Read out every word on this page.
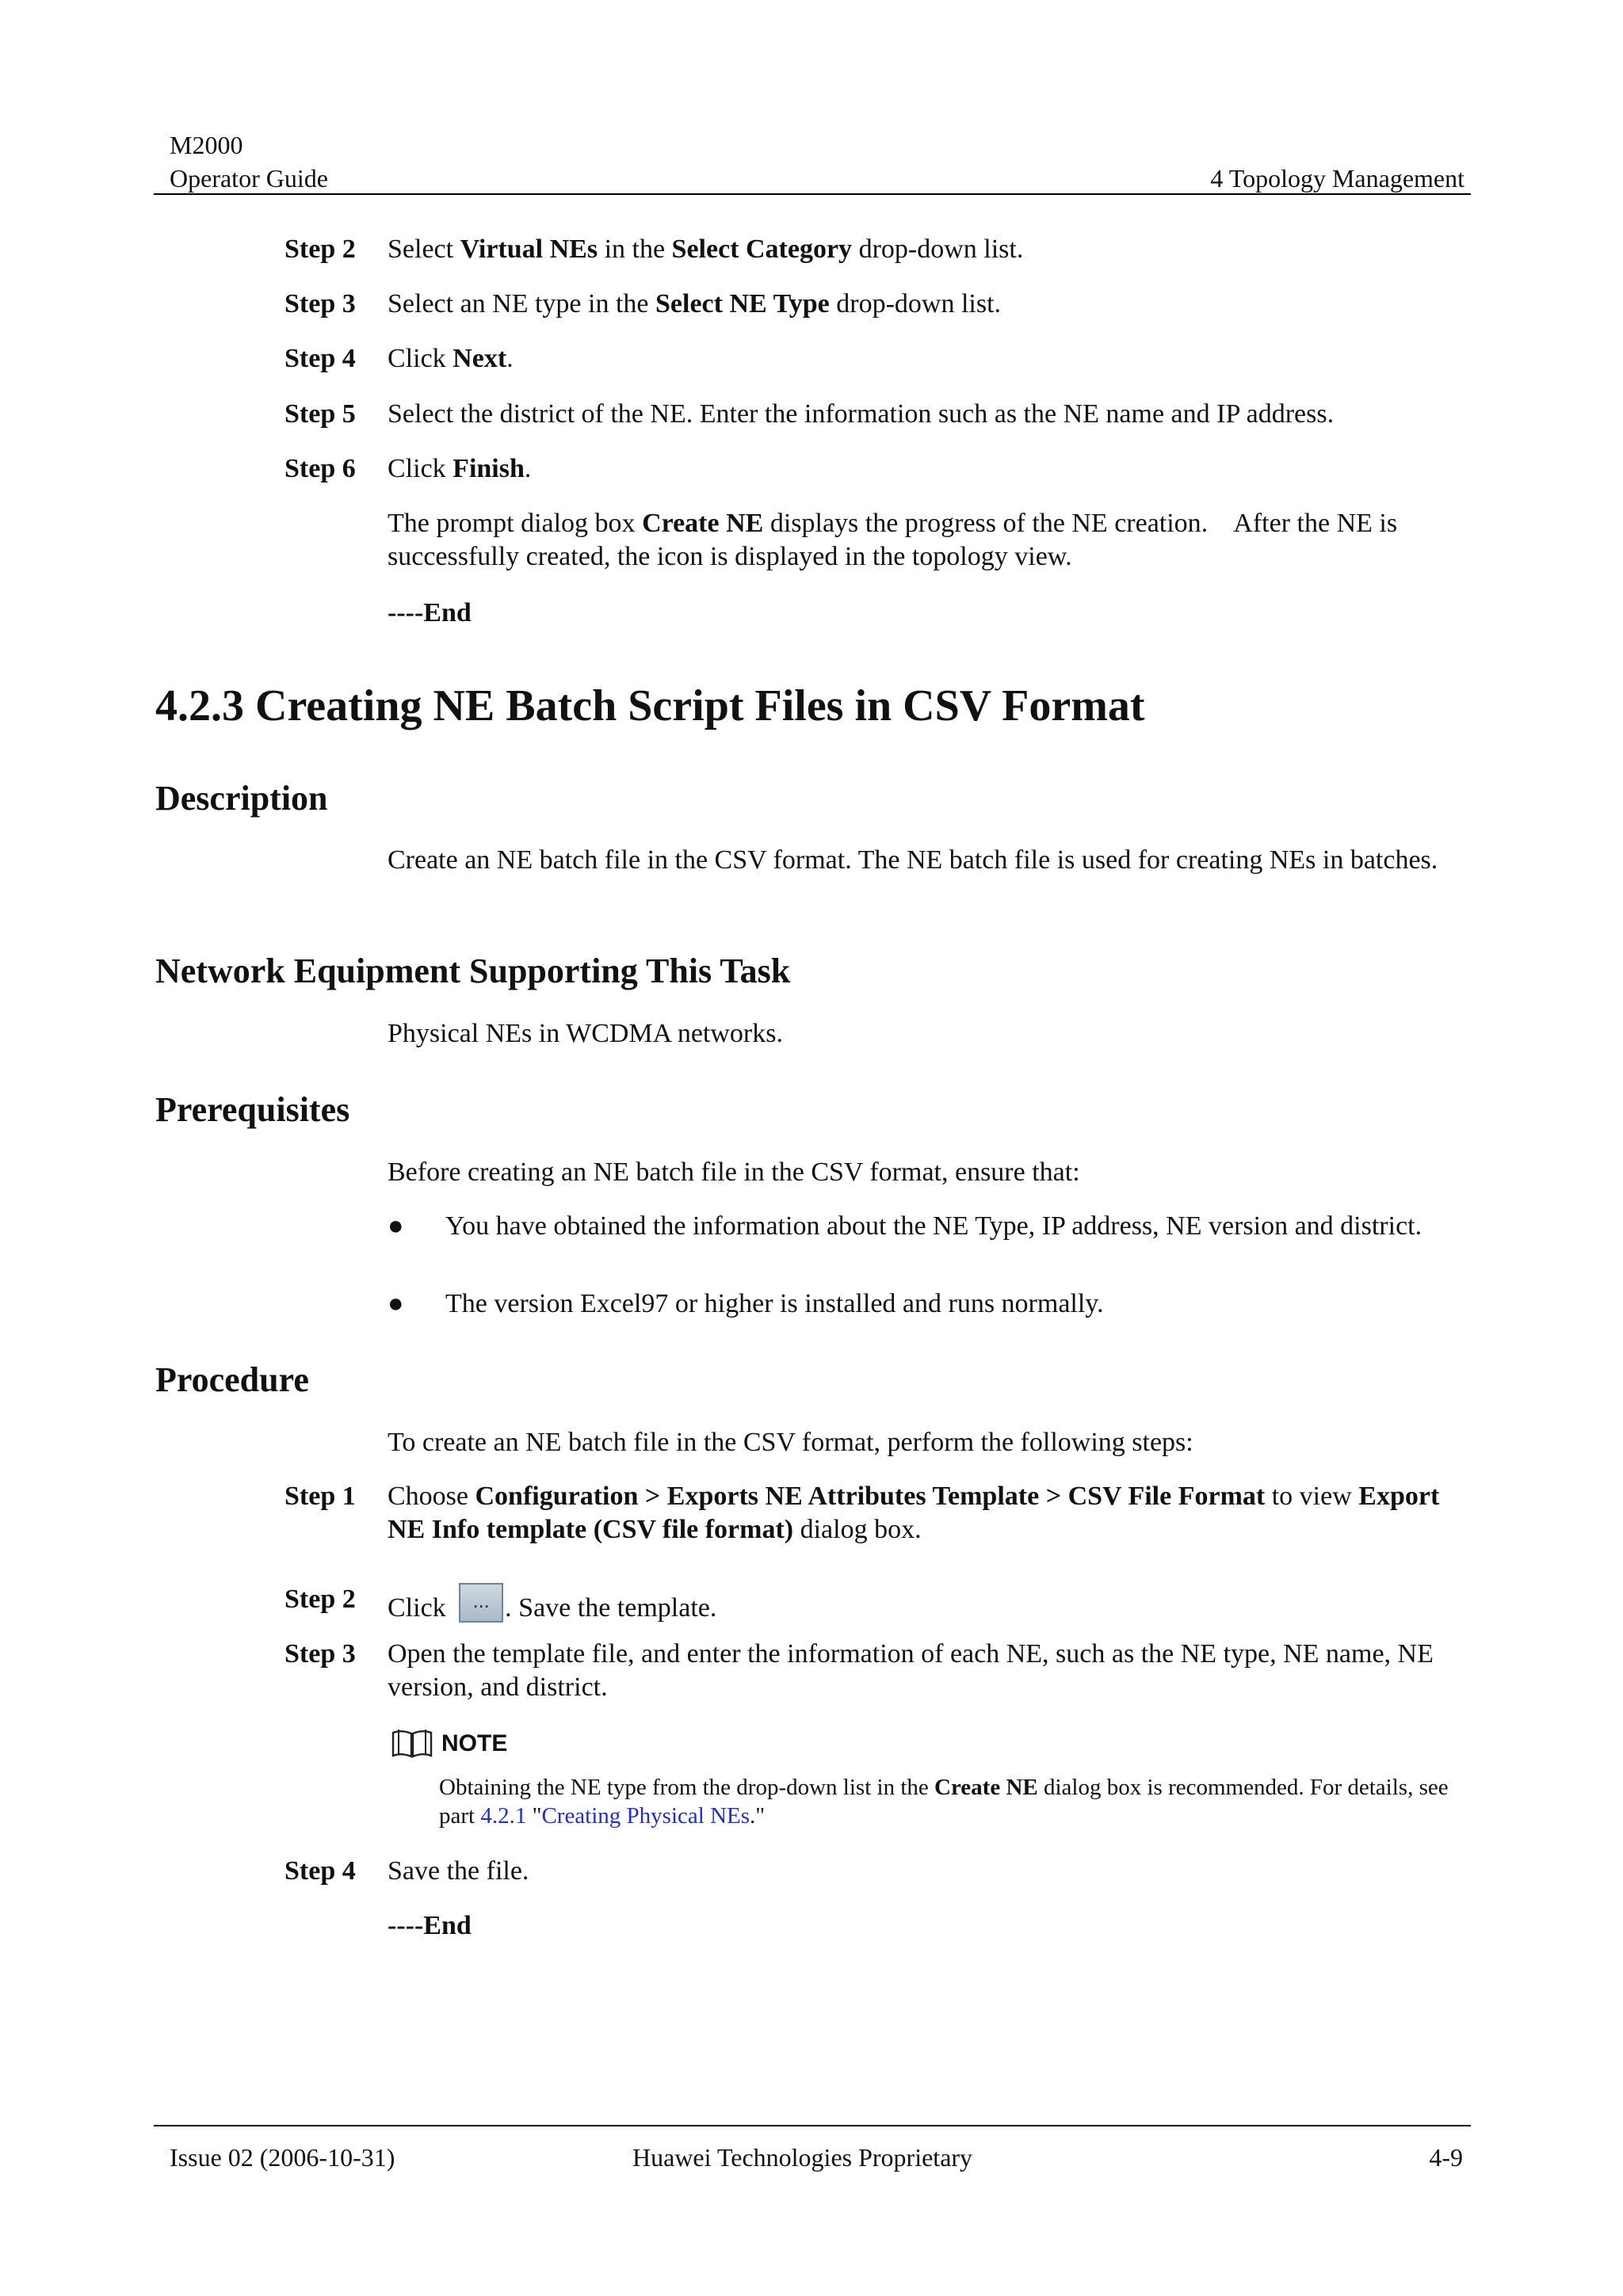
M2000
Operator Guide	4 Topology Management
Step 2 Select Virtual NEs in the Select Category drop-down list.
Step 3 Select an NE type in the Select NE Type drop-down list.
Step 4 Click Next.
Step 5 Select the district of the NE. Enter the information such as the NE name and IP address.
Step 6 Click Finish.
The prompt dialog box Create NE displays the progress of the NE creation.    After the NE is successfully created, the icon is displayed in the topology view.
----End
4.2.3 Creating NE Batch Script Files in CSV Format
Description
Create an NE batch file in the CSV format. The NE batch file is used for creating NEs in batches.
Network Equipment Supporting This Task
Physical NEs in WCDMA networks.
Prerequisites
Before creating an NE batch file in the CSV format, ensure that:
● You have obtained the information about the NE Type, IP address, NE version and district.
● The version Excel97 or higher is installed and runs normally.
Procedure
To create an NE batch file in the CSV format, perform the following steps:
Step 1 Choose Configuration > Exports NE Attributes Template > CSV File Format to view Export NE Info template (CSV file format) dialog box.
Step 2 Click	... . Save the template.
Step 3 Open the template file, and enter the information of each NE, such as the NE type, NE name, NE version, and district.
NOTE
Obtaining the NE type from the drop-down list in the Create NE dialog box is recommended. For details, see part 4.2.1 "Creating Physical NEs."
Step 4 Save the file.
----End
Issue 02 (2006-10-31)	Huawei Technologies Proprietary	4-9
